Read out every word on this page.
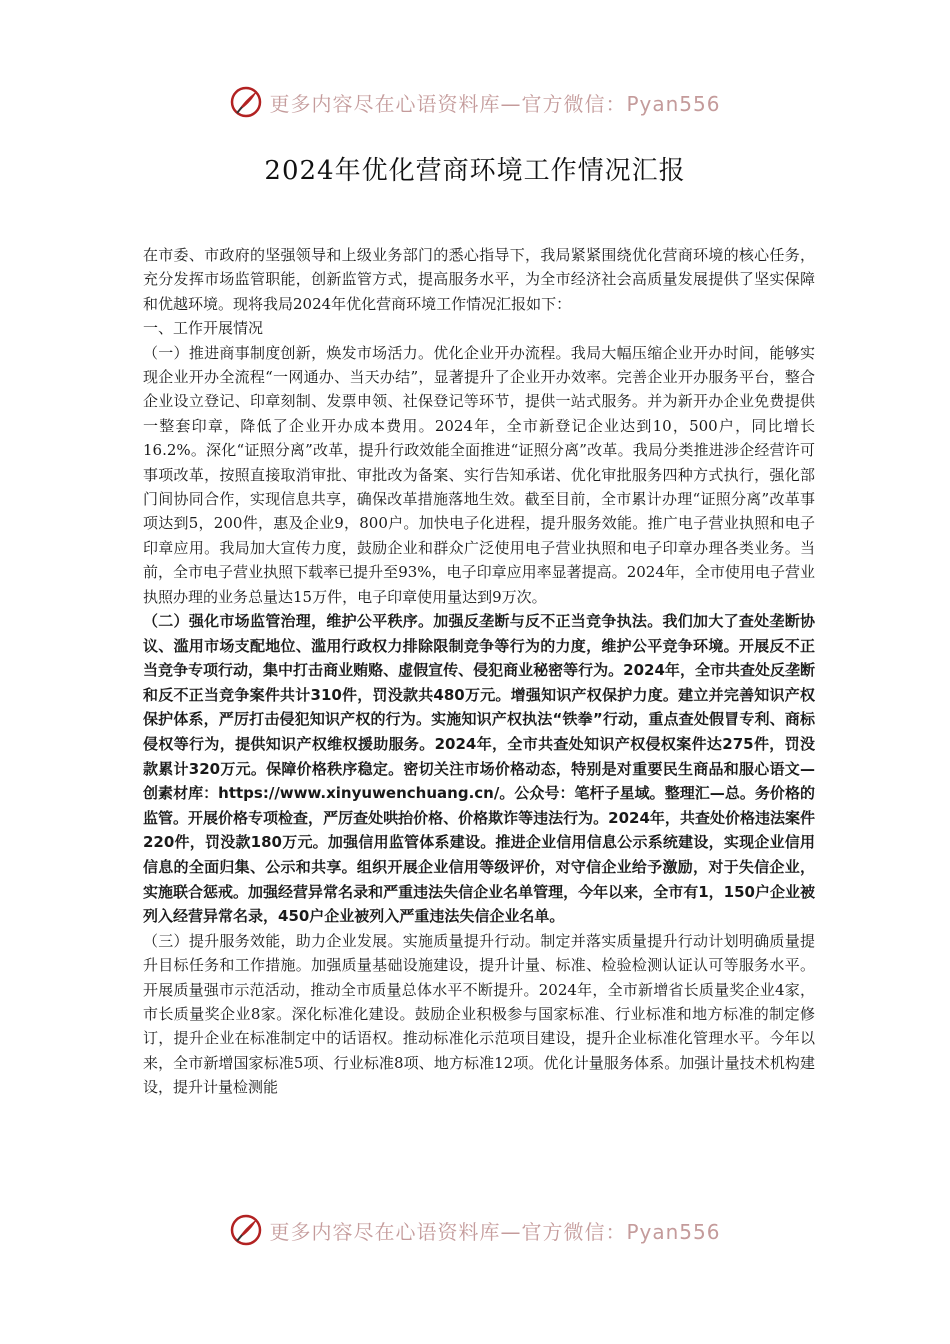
更多内容尽在心语资料库—官方微信：Pyan556
2024年优化营商环境工作情况汇报

在市委、市政府的坚强领导和上级业务部门的悉心指导下，我局紧紧围绕优化营商环境的核心任务，充分发挥市场监管职能，创新监管方式，提高服务水平，为全市经济社会高质量发展提供了坚实保障和优越环境。现将我局2024年优化营商环境工作情况汇报如下：

一、工作开展情况

（一）推进商事制度创新，焕发市场活力。优化企业开办流程。我局大幅压缩企业开办时间，能够实现企业开办全流程“一网通办、当天办结”，显著提升了企业开办效率。完善企业开办服务平台，整合企业设立登记、印章刻制、发票申领、社保登记等环节，提供一站式服务。并为新开办企业免费提供一整套印章，降低了企业开办成本费用。2024年，全市新登记企业达到10，500户，同比增长16.2%。深化“证照分离”改革，提升行政效能全面推进“证照分离”改革。我局分类推进涉企经营许可事项改革，按照直接取消审批、审批改为备案、实行告知承诺、优化审批服务四种方式执行，强化部门间协同合作，实现信息共享，确保改革措施落地生效。截至目前，全市累计办理“证照分离”改革事项达到5，200件，惠及企业9，800户。加快电子化进程，提升服务效能。推广电子营业执照和电子印章应用。我局加大宣传力度，鼓励企业和群众广泛使用电子营业执照和电子印章办理各类业务。当前，全市电子营业执照下载率已提升至93%，电子印章应用率显著提高。2024年，全市使用电子营业执照办理的业务总量达15万件，电子印章使用量达到9万次。

（二）强化市场监管治理，维护公平秩序。加强反垄断与反不正当竞争执法。我们加大了查处垄断协议、滥用市场支配地位、滥用行政权力排除限制竞争等行为的力度，维护公平竞争环境。开展反不正当竞争专项行动，集中打击商业贿赂、虚假宣传、侵犯商业秘密等行为。2024年，全市共查处反垄断和反不正当竞争案件共计310件，罚没款共480万元。增强知识产权保护力度。建立并完善知识产权保护体系，严厉打击侵犯知识产权的行为。实施知识产权执法“铁拳”行动，重点查处假冒专利、商标侵权等行为，提供知识产权维权援助服务。2024年，全市共查处知识产权侵权案件达275件，罚没款累计320万元。保障价格秩序稳定。密切关注市场价格动态，特别是对重要民生商品和服心语文—创素材库：https://www.xinyuwenchuang.cn/。公众号：笔杆子星域。整理汇—总。务价格的监管。开展价格专项检查，严厉查处哄抬价格、价格欺诈等违法行为。2024年，共查处价格违法案件220件，罚没款180万元。加强信用监管体系建设。推进企业信用信息公示系统建设，实现企业信用信息的全面归集、公示和共享。组织开展企业信用等级评价，对守信企业给予激励，对于失信企业，实施联合惩戒。加强经营异常名录和严重违法失信企业名单管理，今年以来，全市有1，150户企业被列入经营异常名录，450户企业被列入严重违法失信企业名单。

（三）提升服务效能，助力企业发展。实施质量提升行动。制定并落实质量提升行动计划明确质量提升目标任务和工作措施。加强质量基础设施建设，提升计量、标准、检验检测认证认可等服务水平。开展质量强市示范活动，推动全市质量总体水平不断提升。2024年，全市新增省长质量奖企业4家，市长质量奖企业8家。深化标准化建设。鼓励企业积极参与国家标准、行业标准和地方标准的制定修订，提升企业在标准制定中的话语权。推动标准化示范项目建设，提升企业标准化管理水平。今年以来，全市新增国家标准5项、行业标准8项、地方标准12项。优化计量服务体系。加强计量技术机构建设，提升计量检测能

更多内容尽在心语资料库—官方微信：Pyan556
